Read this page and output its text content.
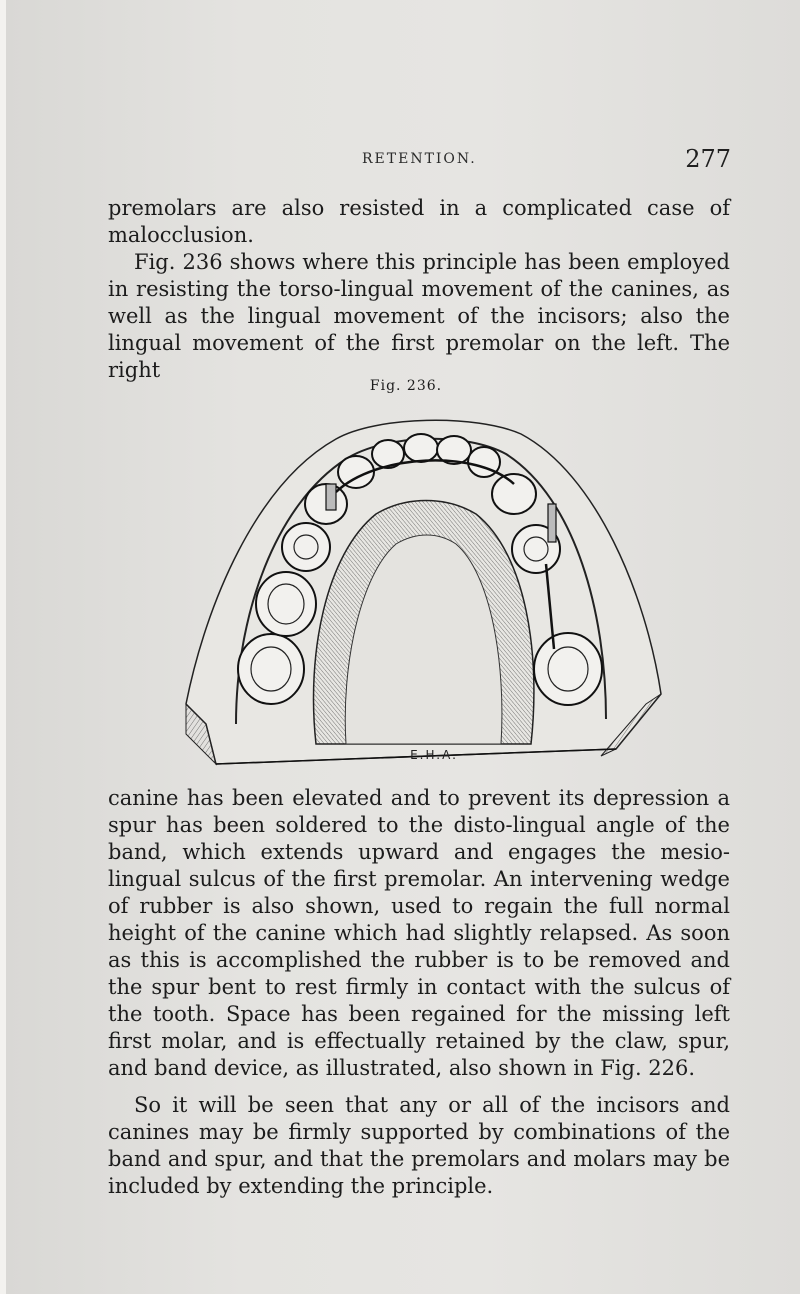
RETENTION.	277

premolars are also resisted in a complicated case of malocclusion.

Fig. 236 shows where this principle has been employed in resisting the torso-lingual movement of the canines, as well as the lingual movement of the incisors; also the lingual movement of the first premolar on the left. The right

Fig. 236.
E.H.A.

canine has been elevated and to prevent its depression a spur has been soldered to the disto-lingual angle of the band, which extends upward and engages the mesio-lingual sulcus of the first premolar. An intervening wedge of rubber is also shown, used to regain the full normal height of the canine which had slightly relapsed. As soon as this is accomplished the rubber is to be removed and the spur bent to rest firmly in contact with the sulcus of the tooth. Space has been regained for the missing left first molar, and is effectually retained by the claw, spur, and band device, as illustrated, also shown in Fig. 226.

So it will be seen that any or all of the incisors and canines may be firmly supported by combinations of the band and spur, and that the premolars and molars may be included by extending the principle.
